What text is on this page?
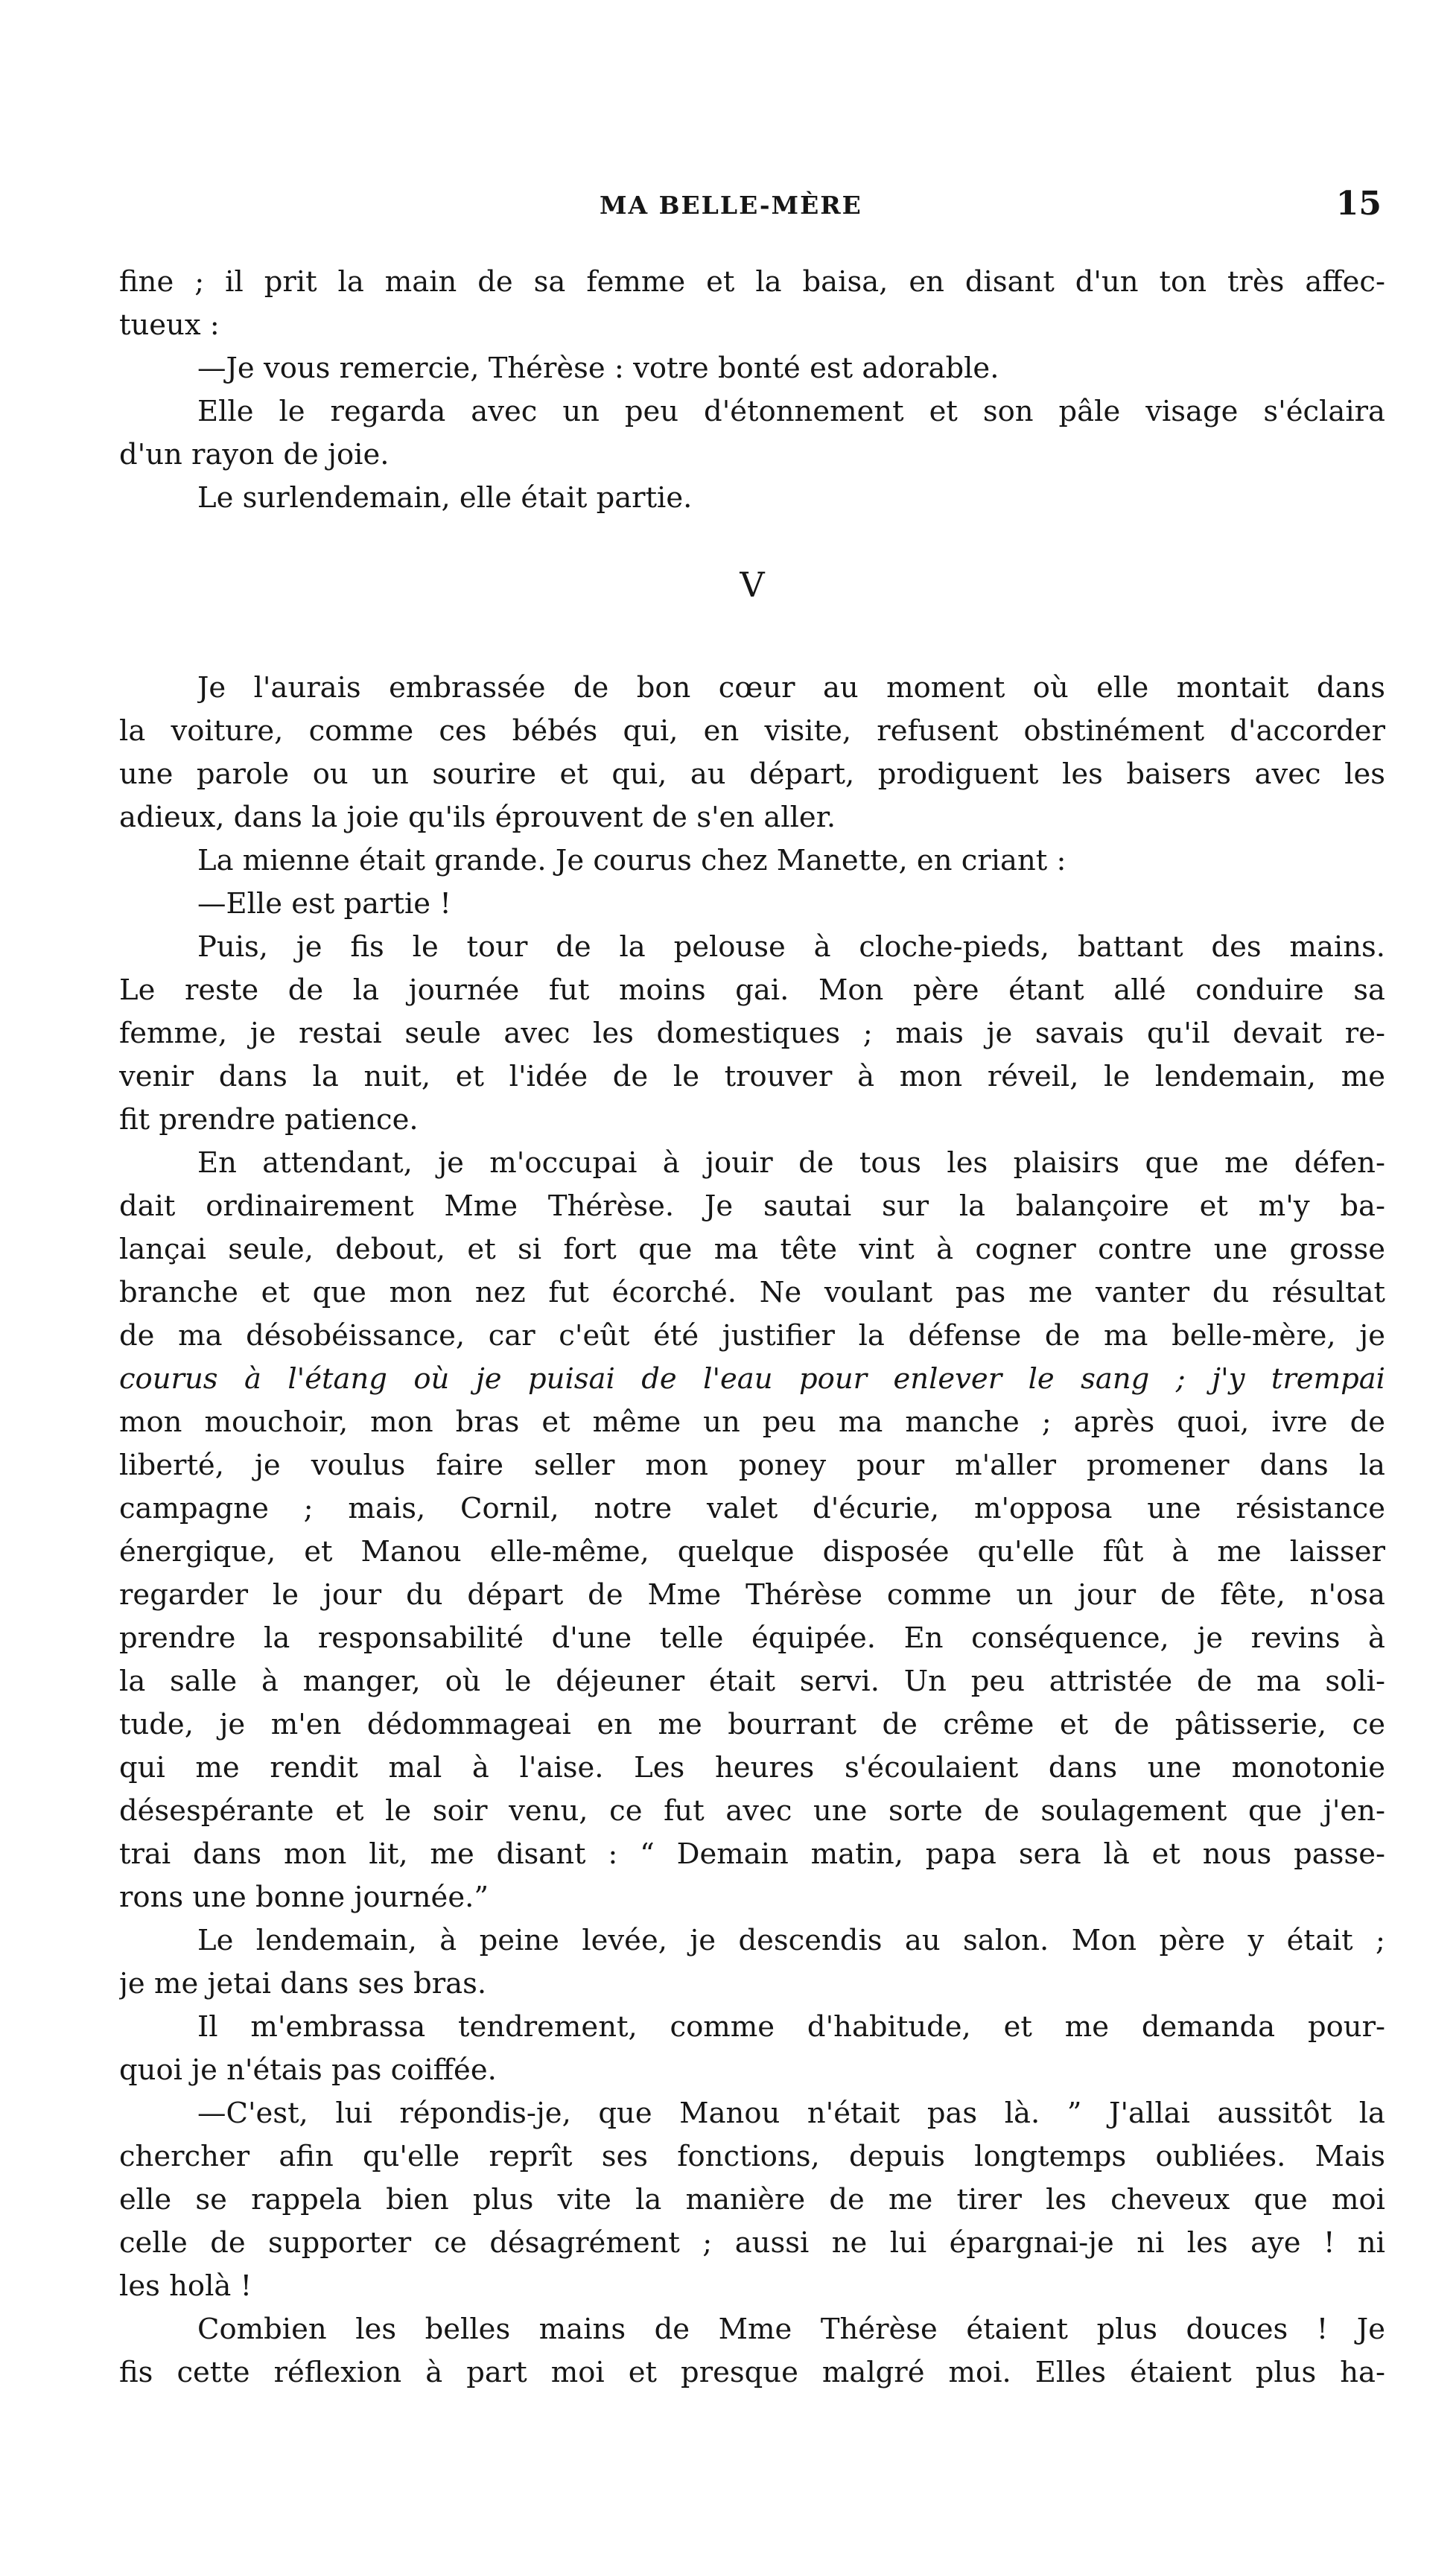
MA BELLE-MÈRE	15
fine ; il prit la main de sa femme et la baisa, en disant d'un ton très affec-
tueux :
—Je vous remercie, Thérèse : votre bonté est adorable.
Elle le regarda avec un peu d'étonnement et son pâle visage s'éclaira
d'un rayon de joie.
Le surlendemain, elle était partie.
V
Je l'aurais embrassée de bon cœur au moment où elle montait dans
la voiture, comme ces bébés qui, en visite, refusent obstinément d'accorder
une parole ou un sourire et qui, au départ, prodiguent les baisers avec les
adieux, dans la joie qu'ils éprouvent de s'en aller.
La mienne était grande. Je courus chez Manette, en criant :
—Elle est partie !
Puis, je fis le tour de la pelouse à cloche-pieds, battant des mains.
Le reste de la journée fut moins gai. Mon père étant allé conduire sa
femme, je restai seule avec les domestiques ; mais je savais qu'il devait re-
venir dans la nuit, et l'idée de le trouver à mon réveil, le lendemain, me
fit prendre patience.
En attendant, je m'occupai à jouir de tous les plaisirs que me défen-
dait ordinairement Mme Thérèse. Je sautai sur la balançoire et m'y ba-
lançai seule, debout, et si fort que ma tête vint à cogner contre une grosse
branche et que mon nez fut écorché. Ne voulant pas me vanter du résultat
de ma désobéissance, car c'eût été justifier la défense de ma belle-mère, je
courus à l'étang où je puisai de l'eau pour enlever le sang ; j'y trempai
mon mouchoir, mon bras et même un peu ma manche ; après quoi, ivre de
liberté, je voulus faire seller mon poney pour m'aller promener dans la
campagne ; mais, Cornil, notre valet d'écurie, m'opposa une résistance
énergique, et Manou elle-même, quelque disposée qu'elle fût à me laisser
regarder le jour du départ de Mme Thérèse comme un jour de fête, n'osa
prendre la responsabilité d'une telle équipée. En conséquence, je revins à
la salle à manger, où le déjeuner était servi. Un peu attristée de ma soli-
tude, je m'en dédommageai en me bourrant de crême et de pâtisserie, ce
qui me rendit mal à l'aise. Les heures s'écoulaient dans une monotonie
désespérante et le soir venu, ce fut avec une sorte de soulagement que j'en-
trai dans mon lit, me disant : “ Demain matin, papa sera là et nous passe-
rons une bonne journée.”
Le lendemain, à peine levée, je descendis au salon. Mon père y était ;
je me jetai dans ses bras.
Il m'embrassa tendrement, comme d'habitude, et me demanda pour-
quoi je n'étais pas coiffée.
—C'est, lui répondis-je, que Manou n'était pas là. ” J'allai aussitôt la
chercher afin qu'elle reprît ses fonctions, depuis longtemps oubliées. Mais
elle se rappela bien plus vite la manière de me tirer les cheveux que moi
celle de supporter ce désagrément ; aussi ne lui épargnai-je ni les aye ! ni
les holà !
Combien les belles mains de Mme Thérèse étaient plus douces ! Je
fis cette réflexion à part moi et presque malgré moi. Elles étaient plus ha-
